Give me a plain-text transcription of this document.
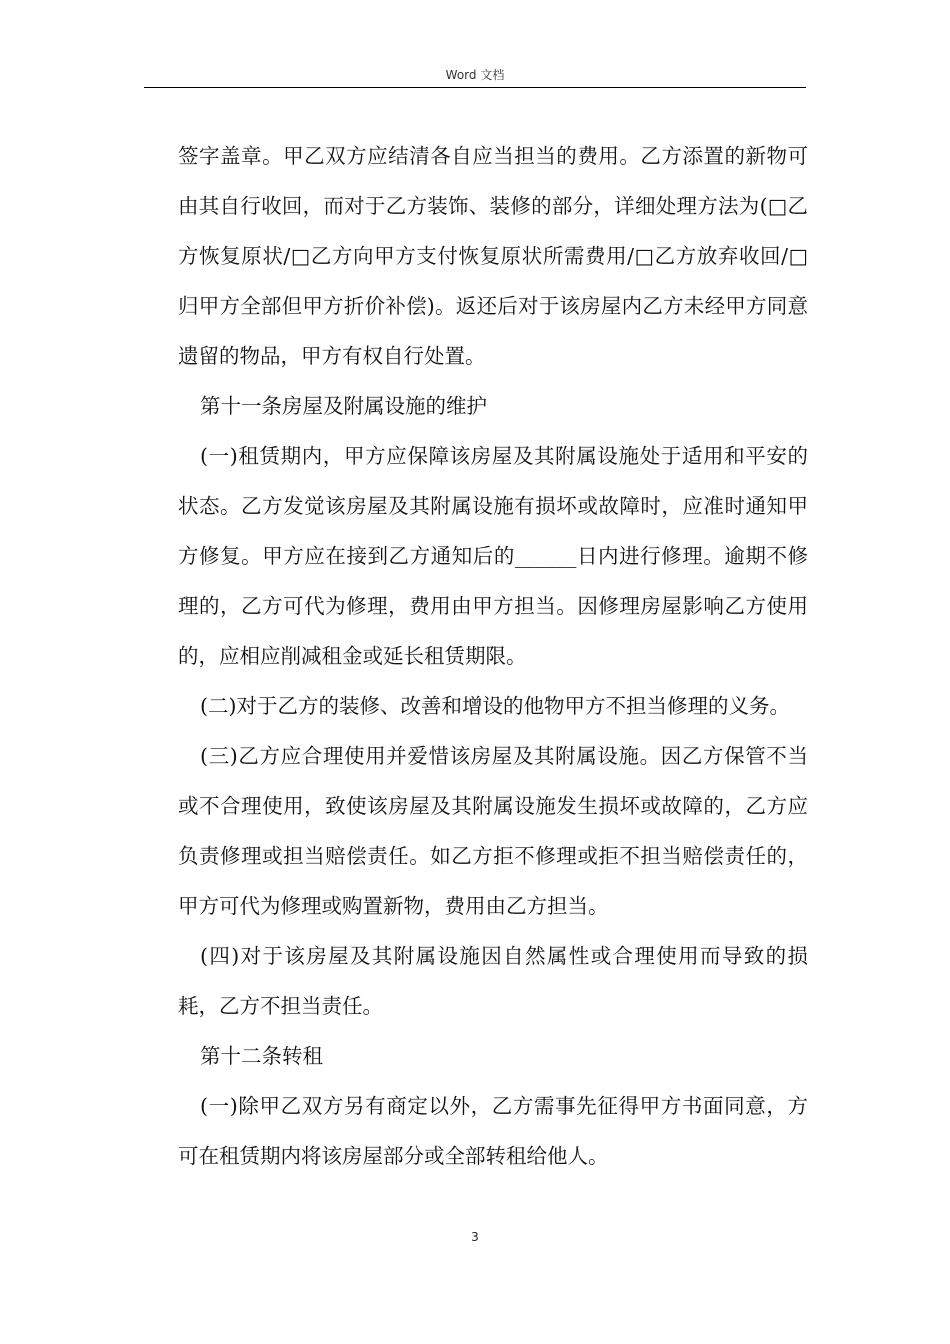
Word 文档

签字盖章。甲乙双方应结清各自应当担当的费用。乙方添置的新物可由其自行收回，而对于乙方装饰、装修的部分，详细处理方法为(□乙方恢复原状/□乙方向甲方支付恢复原状所需费用/□乙方放弃收回/□归甲方全部但甲方折价补偿)。返还后对于该房屋内乙方未经甲方同意遗留的物品，甲方有权自行处置。

第十一条房屋及附属设施的维护

(一)租赁期内，甲方应保障该房屋及其附属设施处于适用和平安的状态。乙方发觉该房屋及其附属设施有损坏或故障时，应准时通知甲方修复。甲方应在接到乙方通知后的______日内进行修理。逾期不修理的，乙方可代为修理，费用由甲方担当。因修理房屋影响乙方使用的，应相应削减租金或延长租赁期限。

(二)对于乙方的装修、改善和增设的他物甲方不担当修理的义务。

(三)乙方应合理使用并爱惜该房屋及其附属设施。因乙方保管不当或不合理使用，致使该房屋及其附属设施发生损坏或故障的，乙方应负责修理或担当赔偿责任。如乙方拒不修理或拒不担当赔偿责任的，甲方可代为修理或购置新物，费用由乙方担当。

(四)对于该房屋及其附属设施因自然属性或合理使用而导致的损耗，乙方不担当责任。

第十二条转租

(一)除甲乙双方另有商定以外，乙方需事先征得甲方书面同意，方可在租赁期内将该房屋部分或全部转租给他人。

3
